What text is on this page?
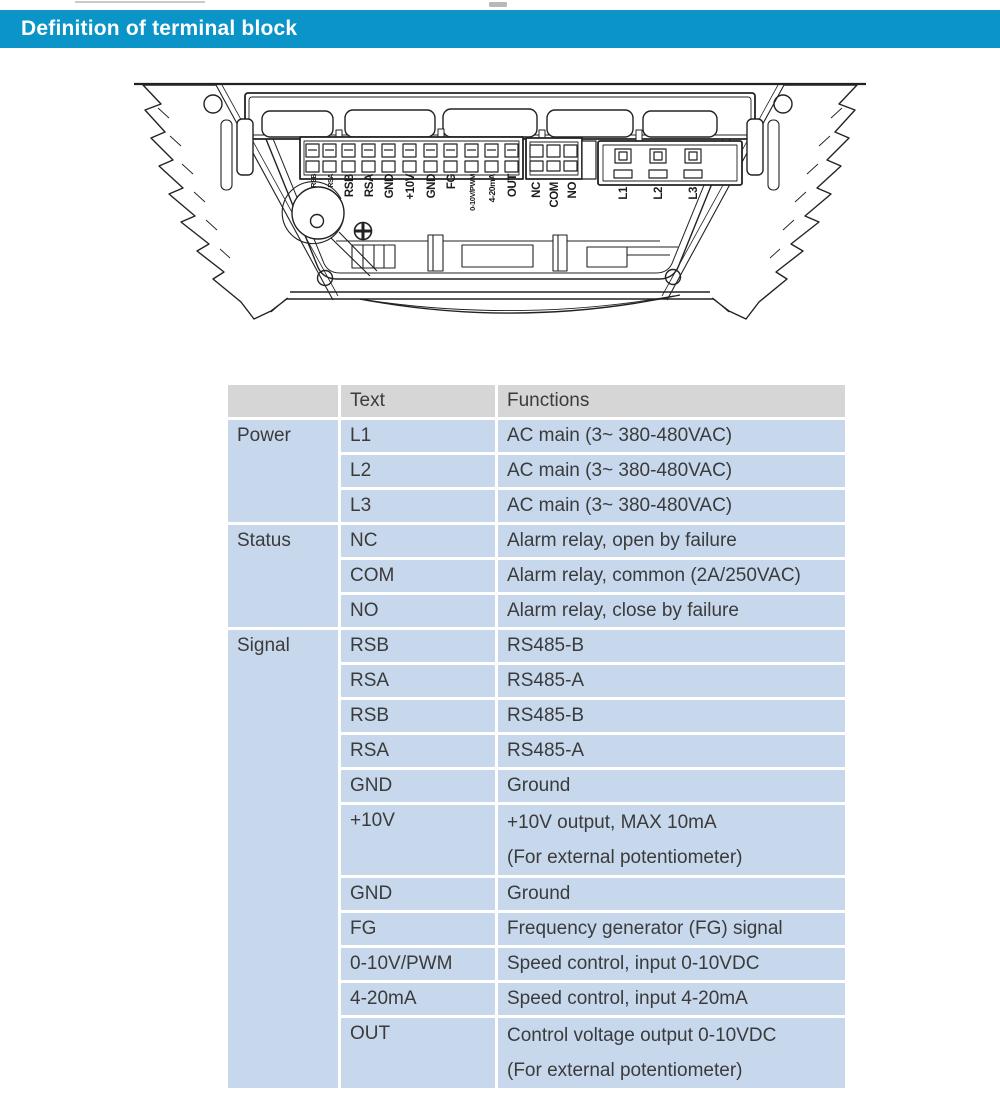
Definition of terminal block
RSB RSA RSB RSA GND +10V GND FG 0-10V/PWM 4-20mA OUT NC COM NO	L1 L2 L3
	Text	Functions
Power	L1	AC main (3~ 380-480VAC)
	L2	AC main (3~ 380-480VAC)
	L3	AC main (3~ 380-480VAC)
Status	NC	Alarm relay, open by failure
	COM	Alarm relay, common (2A/250VAC)
	NO	Alarm relay, close by failure
Signal	RSB	RS485-B
	RSA	RS485-A
	RSB	RS485-B
	RSA	RS485-A
	GND	Ground
	+10V	+10V output, MAX 10mA
(For external potentiometer)

	GND	Ground
	FG	Frequency generator (FG) signal
	0-10V/PWM	Speed control, input 0-10VDC
	4-20mA	Speed control, input 4-20mA
	OUT	Control voltage output 0-10VDC
(For external potentiometer)
